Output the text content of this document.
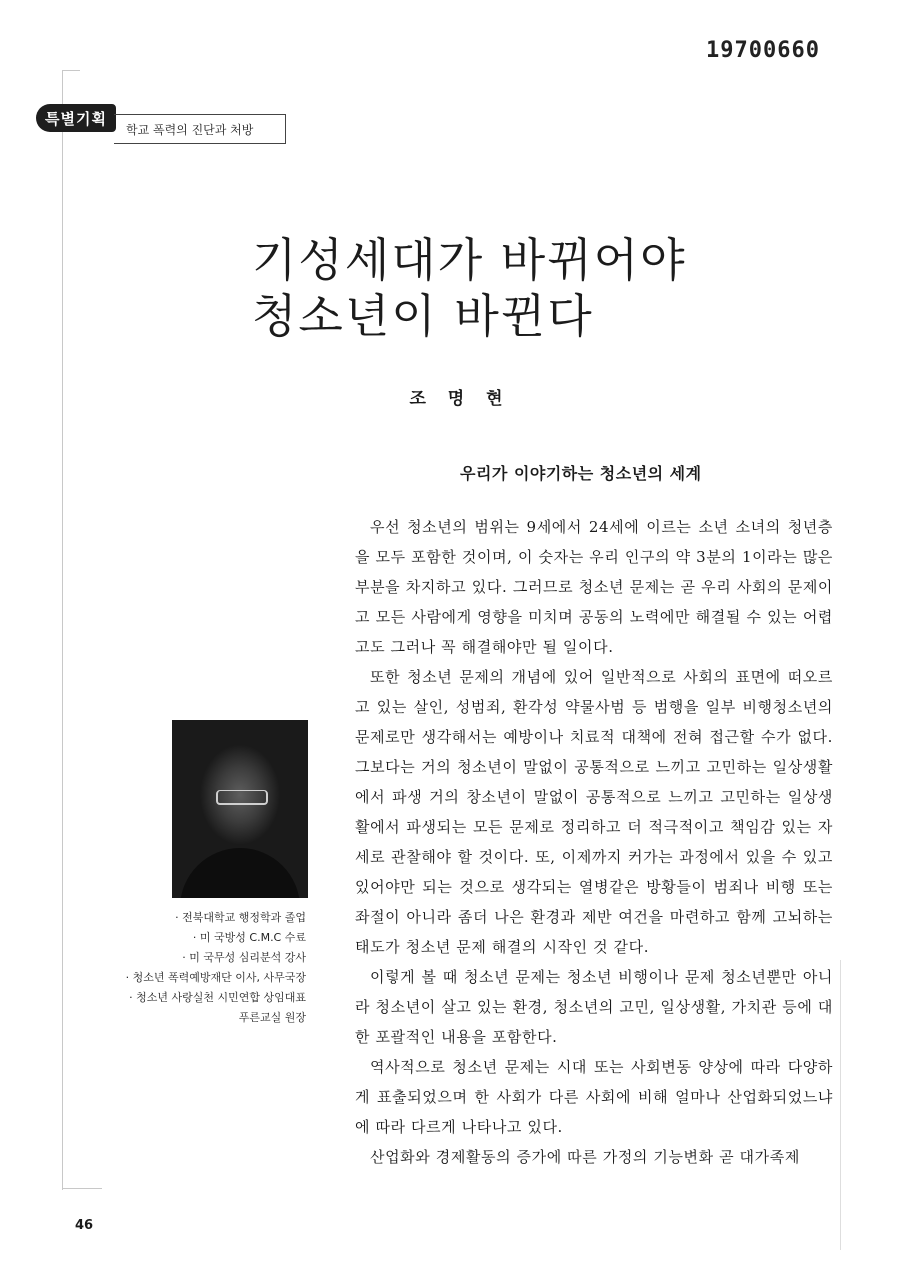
19700660
특별기획
학교 폭력의 진단과 처방
기성세대가 바뀌어야
청소년이 바뀐다
조 명 현
우리가 이야기하는 청소년의 세계

우선 청소년의 범위는 9세에서 24세에 이르는 소년 소녀의 청년층을 모두 포함한 것이며, 이 숫자는 우리 인구의 약 3분의 1이라는 많은 부분을 차지하고 있다. 그러므로 청소년 문제는 곧 우리 사회의 문제이고 모든 사람에게 영향을 미치며 공동의 노력에만 해결될 수 있는 어렵고도 그러나 꼭 해결해야만 될 일이다.

또한 청소년 문제의 개념에 있어 일반적으로 사회의 표면에 떠오르고 있는 살인, 성범죄, 환각성 약물사범 등 범행을 일부 비행청소년의 문제로만 생각해서는 예방이나 치료적 대책에 전혀 접근할 수가 없다. 그보다는 거의 청소년이 말없이 공통적으로 느끼고 고민하는 일상생활에서 파생 거의 창소년이 말없이 공통적으로 느끼고 고민하는 일상생활에서 파생되는 모든 문제로 정리하고 더 적극적이고 책임감 있는 자세로 관찰해야 할 것이다. 또, 이제까지 커가는 과정에서 있을 수 있고 있어야만 되는 것으로 생각되는 열병같은 방황들이 범죄나 비행 또는 좌절이 아니라 좀더 나은 환경과 제반 여건을 마련하고 함께 고뇌하는 태도가 청소년 문제 해결의 시작인 것 같다.

이렇게 볼 때 청소년 문제는 청소년 비행이나 문제 청소년뿐만 아니라 청소년이 살고 있는 환경, 청소년의 고민, 일상생활, 가치관 등에 대한 포괄적인 내용을 포함한다.

역사적으로 청소년 문제는 시대 또는 사회변동 양상에 따라 다양하게 표출되었으며 한 사회가 다른 사회에 비해 얼마나 산업화되었느냐에 따라 다르게 나타나고 있다.

산업화와 경제활동의 증가에 따른 가정의 기능변화 곧 대가족제

· 전북대학교 행정학과 졸업
· 미 국방성 C.M.C 수료
· 미 국무성 심리분석 강사
· 청소년 폭력예방재단 이사, 사무국장
· 청소년 사랑실천 시민연합 상임대표
푸른교실 원장
46
